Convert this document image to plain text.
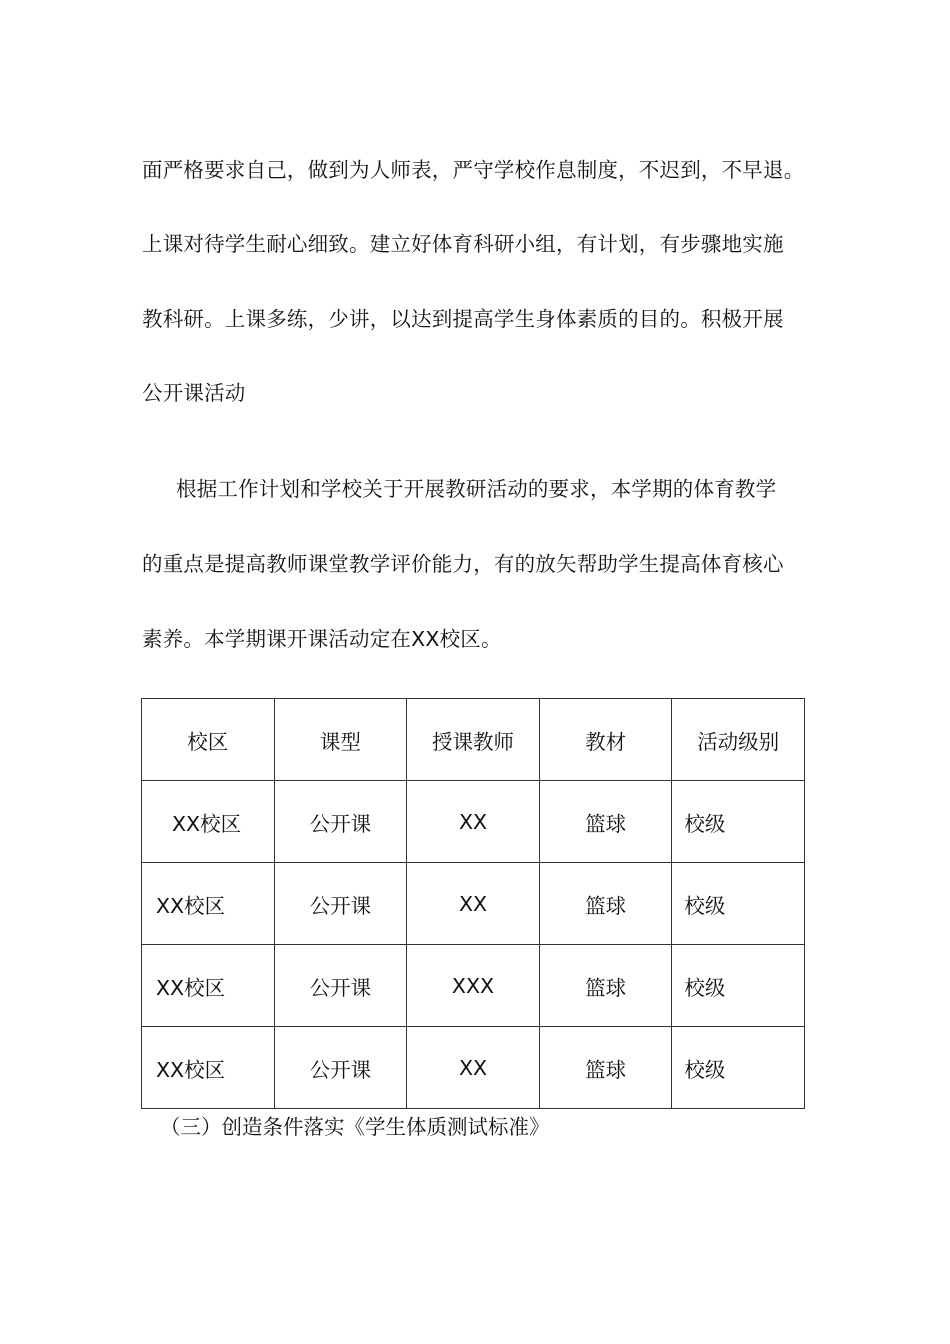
面严格要求自己，做到为人师表，严守学校作息制度，不迟到，不早退。
上课对待学生耐心细致。建立好体育科研小组，有计划，有步骤地实施
教科研。上课多练，少讲，以达到提高学生身体素质的目的。积极开展
公开课活动
根据工作计划和学校关于开展教研活动的要求，本学期的体育教学
的重点是提高教师课堂教学评价能力，有的放矢帮助学生提高体育核心
素养。本学期课开课活动定在XX校区。
校区	课型	授课教师	教材	活动级别
XX校区	公开课	XX	篮球	校级
XX校区	公开课	XX	篮球	校级
XX校区	公开课	XXX	篮球	校级
XX校区	公开课	XX	篮球	校级
（三）创造条件落实《学生体质测试标准》
